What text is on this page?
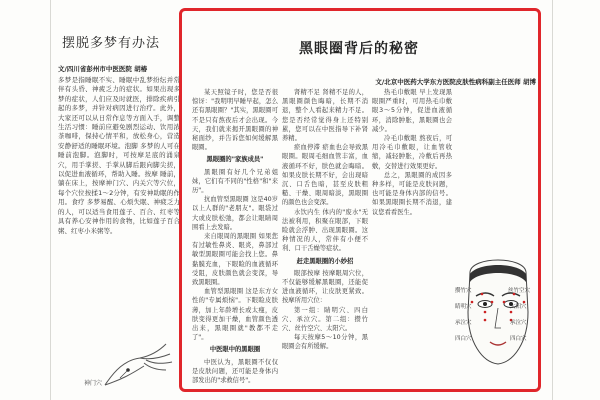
摆脱多梦有办法
文/四川省彭州市中医医院 胡椿
多梦是指睡眠不实、睡眠中乱梦纷纭并常伴有头昏、神疲乏力的症状。如果出现多梦的症状，人们应及时就医，排除疾病引起的多梦，并针对病因进行治疗。此外，大家还可以从日常作息等方面入手，调整生活习惯：睡前应避免剧烈运动、饮用浓茶咖啡，保持心情平和，放松身心，营造安静舒适的睡眠环境。泡脚 多梦的人可在睡前泡脚。泡脚时，可按摩足底的涌泉穴，用手掌搓、手掌从脚后跟向脚尖搓，以促进血液循环，帮助入睡。按摩 睡前，躺在床上，按摩神门穴、内关穴等穴位，每个穴位按揉1～2分钟，有安神助眠的作用。食疗 多梦易醒、心烦失眠、神疲乏力的人，可以适当食用莲子、百合、红枣等具有养心安神作用的食物，比如莲子百合粥、红枣小米粥等。
神门穴
黑眼圈背后的秘密
文/北京中医药大学东方医院皮肤性病科副主任医师 胡博

某天照镜子时，您是否很惊讶："我明明早睡早起，怎么还有黑眼圈？"其实，黑眼圈可不是只有熬夜后才会出现。今天，我们就来揭开黑眼圈的神秘面纱，并告诉您如何缓解黑眼圈。

黑眼圈的"家族成员"

黑眼圈有好几个兄弟姐妹，它们有不同的"性格"和"来历"。

抗血管型黑眼圈 这是40岁以上人群的"老朋友"。眼袋过大或皮肤松弛，都会让眼睛周围看上去发暗。

来自眼周的黑眼圈 如果您有过敏性鼻炎、眼炎，鼻部过敏型黑眼圈可能会找上您。鼻黏膜充血，下眼睑的血液循环受阻，皮肤颜色就会变深，导致黑眼圈。

血管型黑眼圈 这是东方女性的"专属烦恼"。下眼睑皮肤薄，加上年龄增长或太瘦，皮肤变得更加干燥，血管颜色透出来，黑眼圈就"教都不走了"。

中医眼中的黑眼圈

中医认为，黑眼圈不仅仅是皮肤问题，还可能是身体内部发出的"求救信号"。

肾精不足 肾精不足的人，黑眼圈颜色晦暗，长期不消退，整个人看起来精力不足。您是否经常觉得身上还特别累，您可以在中医指导下补肾养精。

瘀血停滞 瘀血也会导致黑眼圈。眼周毛细血管丰富，血液循环不好，肤色就会晦暗。如果皮肤长期不好，会出现暗沉、口舌色暗，甚至皮肤粗糙、干燥、眼周暗淡，黑眼圈的颜色也会变深。

水饮内生 体内的"废水"无法被利用，积聚在眼部，下眼睑就会浮肿、出现黑眼圈。这种情况的人，常伴有小便不利、口干舌燥等症状。

赶走黑眼圈的小妙招

眼部按摩 按摩眼周穴位，不仅能够缓解黑眼圈，还能促进血液循环，让皮肤更紧致。按摩所用穴位：

第一组：睛明穴、四白穴、承泣穴。第二组：攒竹穴、丝竹空穴、太阳穴。

每天按摩5～10分钟，黑眼圈会有所缓解。

热毛巾敷眼 早上发现黑眼圈严重时，可用热毛巾敷眼3～5分钟，促进血液循环，消除肿胀，黑眼圈也会减少。

冷毛巾敷眼 熬夜后，可用冷毛巾敷眼，让血管收缩，减轻肿胀，冷敷后再热敷，交替进行效果更好。

总之，黑眼圈的成因多种多样，可能是皮肤问题，也可能是身体内部的信号。如果黑眼圈长期不消退，建议您看看医生。

攒竹穴
睛明穴
承泣穴
四白穴
丝竹空穴
太阳穴
承泣穴
四白穴
